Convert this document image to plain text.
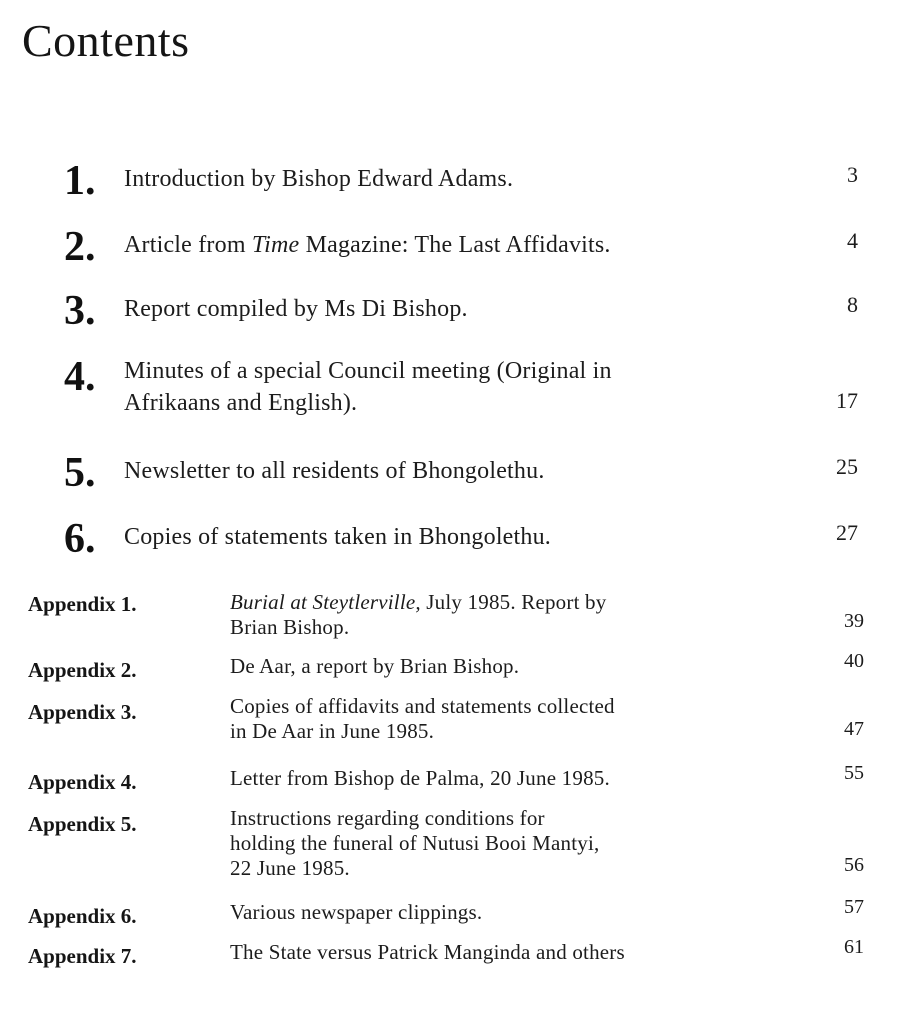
Contents
1. Introduction by Bishop Edward Adams.	3
2. Article from Time Magazine: The Last Affidavits.	4
3. Report compiled by Ms Di Bishop.	8
4. Minutes of a special Council meeting (Original in
Afrikaans and English).	17
5. Newsletter to all residents of Bhongolethu.	25
6. Copies of statements taken in Bhongolethu.	27
Appendix 1.	Burial at Steytlerville, July 1985. Report by
Brian Bishop.	39
Appendix 2.	De Aar, a report by Brian Bishop.	40
Appendix 3.	Copies of affidavits and statements collected
in De Aar in June 1985.	47
Appendix 4.	Letter from Bishop de Palma, 20 June 1985.	55
Appendix 5.	Instructions regarding conditions for
holding the funeral of Nutusi Booi Mantyi,
22 June 1985.	56
Appendix 6.	Various newspaper clippings.	57
Appendix 7.	The State versus Patrick Manginda and others	61
